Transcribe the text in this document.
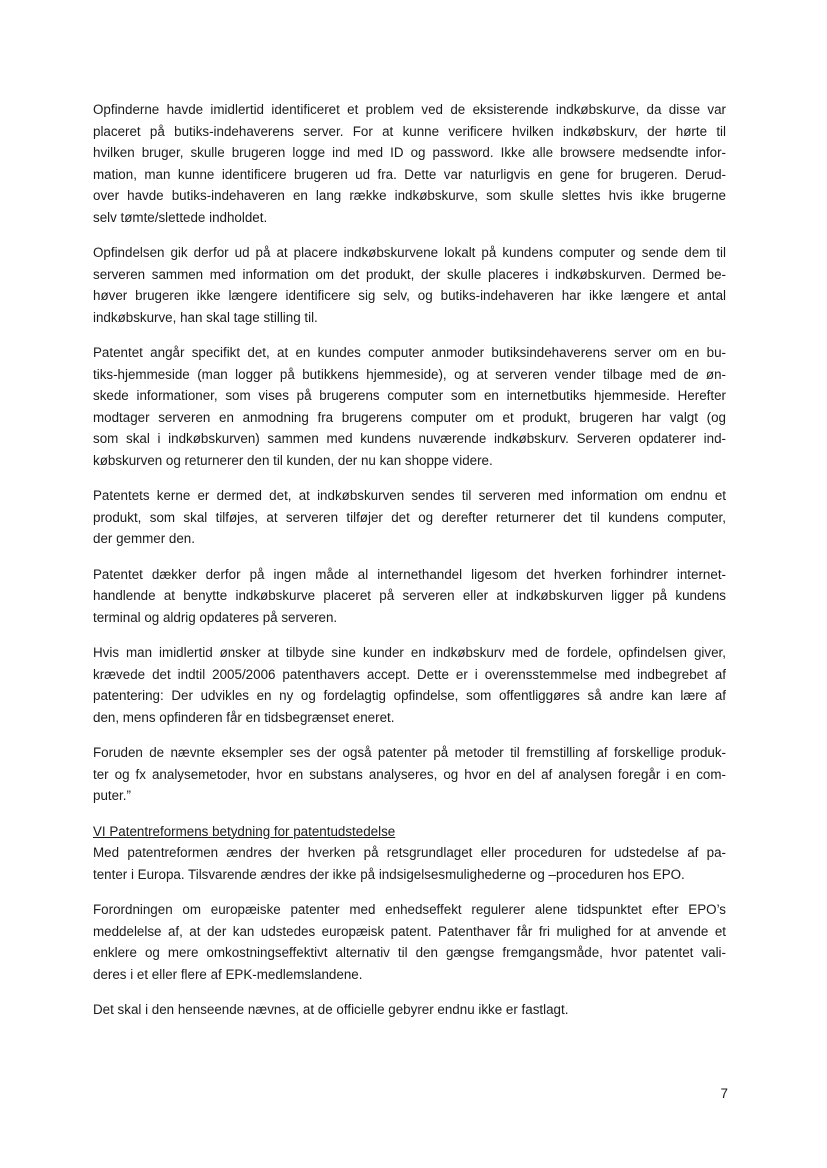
Opfinderne havde imidlertid identificeret et problem ved de eksisterende indkøbskurve, da disse var
placeret på butiks-indehaverens server. For at kunne verificere hvilken indkøbskurv, der hørte til
hvilken bruger, skulle brugeren logge ind med ID og password. Ikke alle browsere medsendte infor-
mation, man kunne identificere brugeren ud fra. Dette var naturligvis en gene for brugeren. Derud-
over havde butiks-indehaveren en lang række indkøbskurve, som skulle slettes hvis ikke brugerne
selv tømte/slettede indholdet.

Opfindelsen gik derfor ud på at placere indkøbskurvene lokalt på kundens computer og sende dem til
serveren sammen med information om det produkt, der skulle placeres i indkøbskurven. Dermed be-
høver brugeren ikke længere identificere sig selv, og butiks-indehaveren har ikke længere et antal
indkøbskurve, han skal tage stilling til.

Patentet angår specifikt det, at en kundes computer anmoder butiksindehaverens server om en bu-
tiks-hjemmeside (man logger på butikkens hjemmeside), og at serveren vender tilbage med de øn-
skede informationer, som vises på brugerens computer som en internetbutiks hjemmeside. Herefter
modtager serveren en anmodning fra brugerens computer om et produkt, brugeren har valgt (og
som skal i indkøbskurven) sammen med kundens nuværende indkøbskurv. Serveren opdaterer ind-
købskurven og returnerer den til kunden, der nu kan shoppe videre.

Patentets kerne er dermed det, at indkøbskurven sendes til serveren med information om endnu et
produkt, som skal tilføjes, at serveren tilføjer det og derefter returnerer det til kundens computer,
der gemmer den.

Patentet dækker derfor på ingen måde al internethandel ligesom det hverken forhindrer internet-
handlende at benytte indkøbskurve placeret på serveren eller at indkøbskurven ligger på kundens
terminal og aldrig opdateres på serveren.

Hvis man imidlertid ønsker at tilbyde sine kunder en indkøbskurv med de fordele, opfindelsen giver,
krævede det indtil 2005/2006 patenthavers accept. Dette er i overensstemmelse med indbegrebet af
patentering: Der udvikles en ny og fordelagtig opfindelse, som offentliggøres så andre kan lære af
den, mens opfinderen får en tidsbegrænset eneret.

Foruden de nævnte eksempler ses der også patenter på metoder til fremstilling af forskellige produk-
ter og fx analysemetoder, hvor en substans analyseres, og hvor en del af analysen foregår i en com-
puter.”

VI Patentreformens betydning for patentudstedelse

Med patentreformen ændres der hverken på retsgrundlaget eller proceduren for udstedelse af pa-
tenter i Europa. Tilsvarende ændres der ikke på indsigelsesmulighederne og –proceduren hos EPO.

Forordningen om europæiske patenter med enhedseffekt regulerer alene tidspunktet efter EPO’s
meddelelse af, at der kan udstedes europæisk patent. Patenthaver får fri mulighed for at anvende et
enklere og mere omkostningseffektivt alternativ til den gængse fremgangsmåde, hvor patentet vali-
deres i et eller flere af EPK-medlemslandene.

Det skal i den henseende nævnes, at de officielle gebyrer endnu ikke er fastlagt.

7
